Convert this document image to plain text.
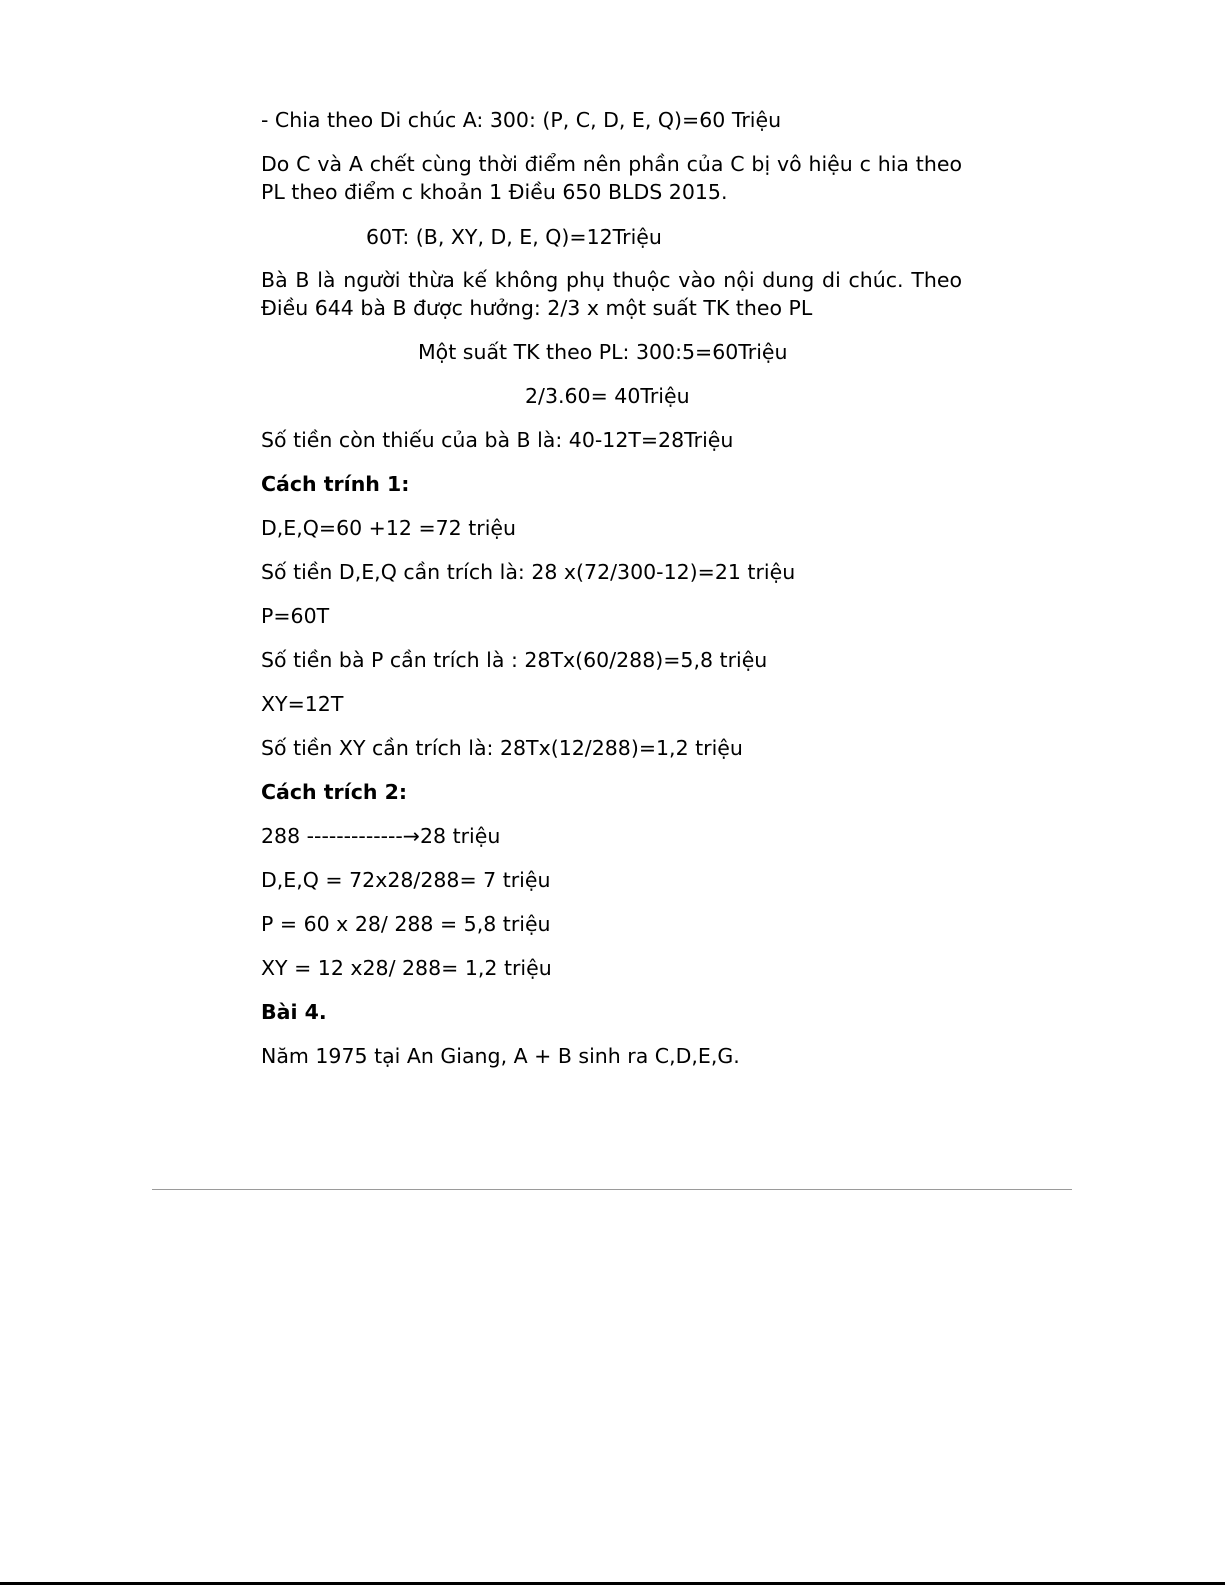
- Chia theo Di chúc A: 300: (P, C, D, E, Q)=60 Triệu

Do C và A chết cùng thời điểm nên phần của C bị vô hiệu c hia theo PL theo điểm c khoản 1 Điều 650 BLDS 2015.

60T: (B, XY, D, E, Q)=12Triệu

Bà B là người thừa kế không phụ thuộc vào nội dung di chúc. Theo Điều 644 bà B được hưởng: 2/3 x một suất TK theo PL

Một suất TK theo PL: 300:5=60Triệu

2/3.60= 40Triệu

Số tiền còn thiếu của bà B là: 40-12T=28Triệu

Cách trính 1:

D,E,Q=60 +12 =72 triệu

Số tiền D,E,Q cần trích là: 28 x(72/300-12)=21 triệu

P=60T

Số tiền bà P cần trích là : 28Tx(60/288)=5,8 triệu

XY=12T

Số tiền XY cần trích là: 28Tx(12/288)=1,2 triệu

Cách trích 2:

288 -------------→28 triệu

D,E,Q = 72x28/288= 7 triệu

P = 60 x 28/ 288 = 5,8 triệu

XY = 12 x28/ 288= 1,2 triệu

Bài 4.

Năm 1975 tại An Giang, A + B sinh ra C,D,E,G.
